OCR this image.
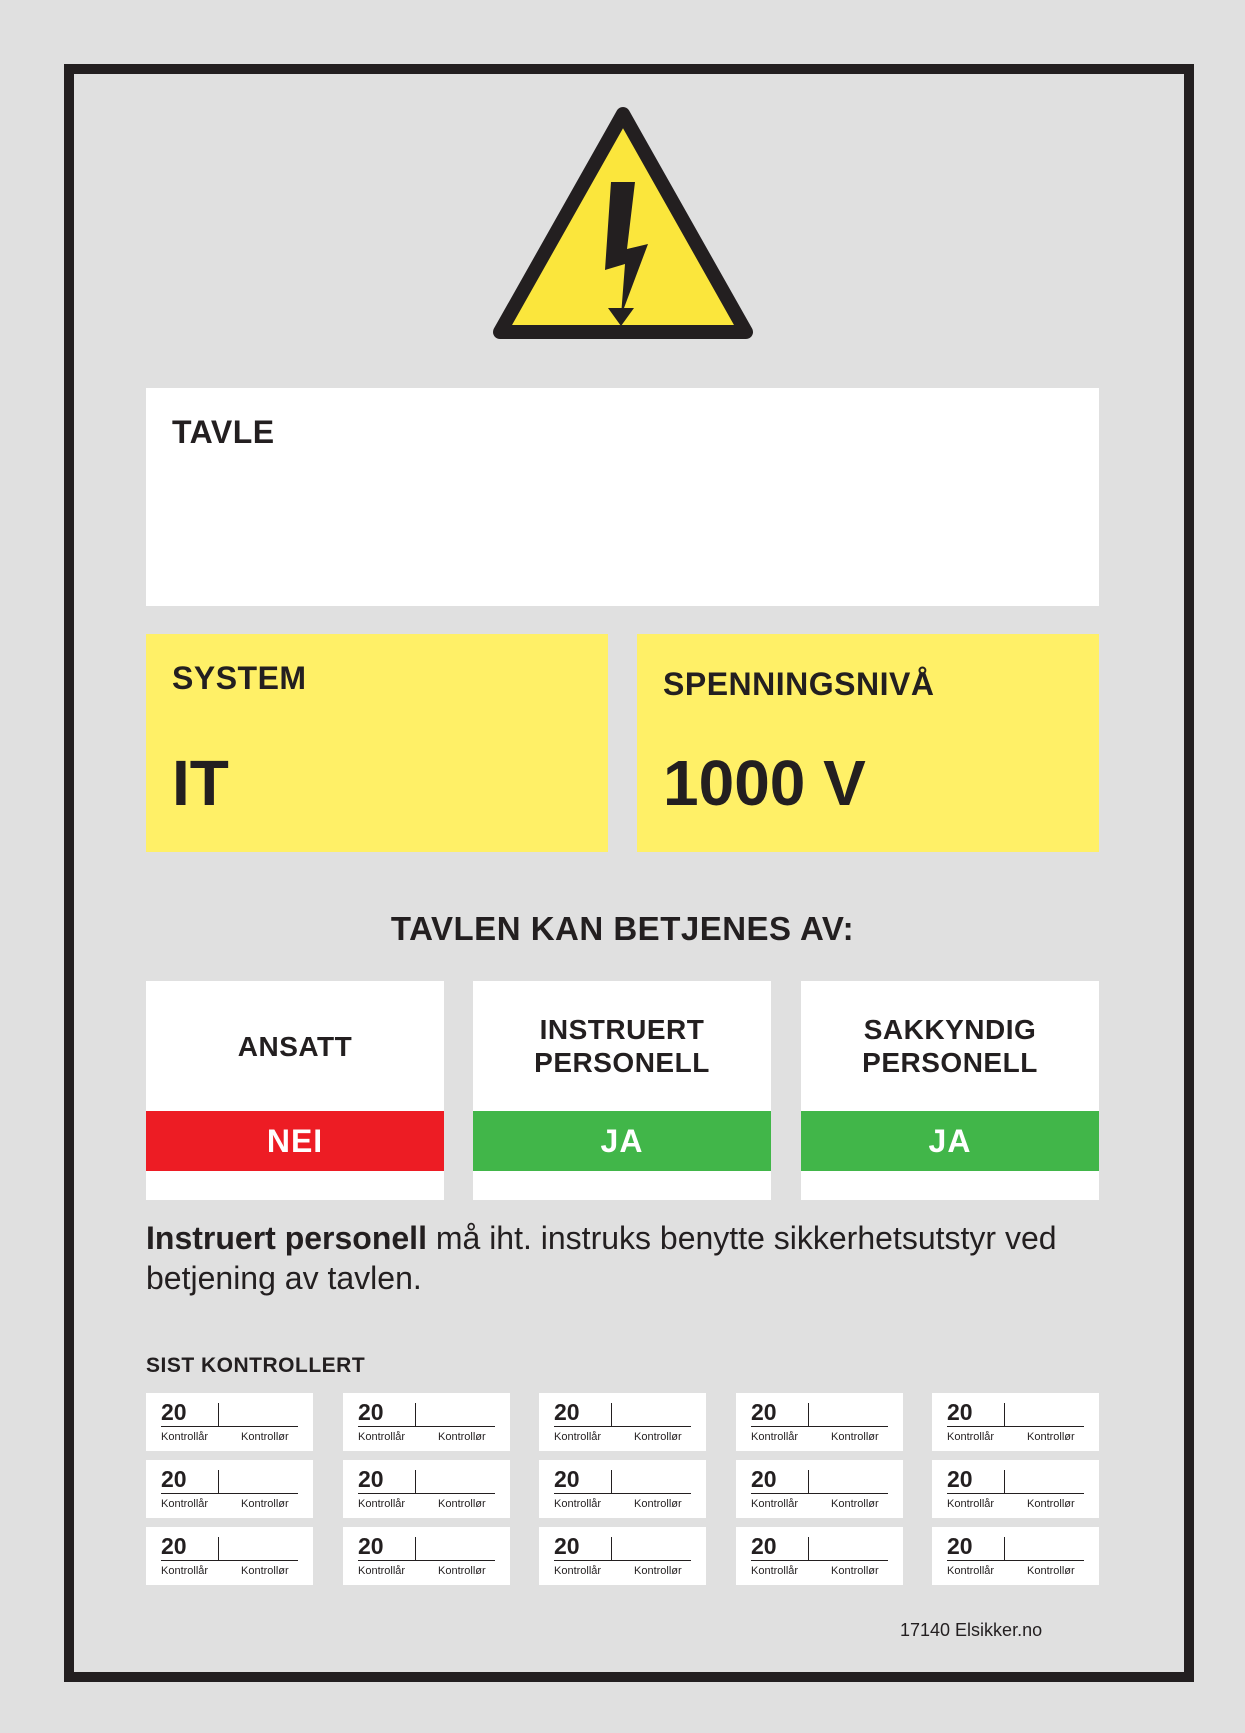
TAVLE
SYSTEM
IT
SPENNINGSNIVÅ
1000 V
TAVLEN KAN BETJENES AV:
ANSATT
NEI
INSTRUERT
PERSONELL
JA
SAKKYNDIG
PERSONELL
JA
Instruert personell må iht. instruks benytte sikkerhetsutstyr ved betjening av tavlen.
SIST KONTROLLERT
20
Kontrollår	Kontrollør
20
Kontrollår	Kontrollør
20
Kontrollår	Kontrollør
20
Kontrollår	Kontrollør
20
Kontrollår	Kontrollør
20
Kontrollår	Kontrollør
20
Kontrollår	Kontrollør
20
Kontrollår	Kontrollør
20
Kontrollår	Kontrollør
20
Kontrollår	Kontrollør
20
Kontrollår	Kontrollør
20
Kontrollår	Kontrollør
20
Kontrollår	Kontrollør
20
Kontrollår	Kontrollør
20
Kontrollår	Kontrollør
17140 Elsikker.no
